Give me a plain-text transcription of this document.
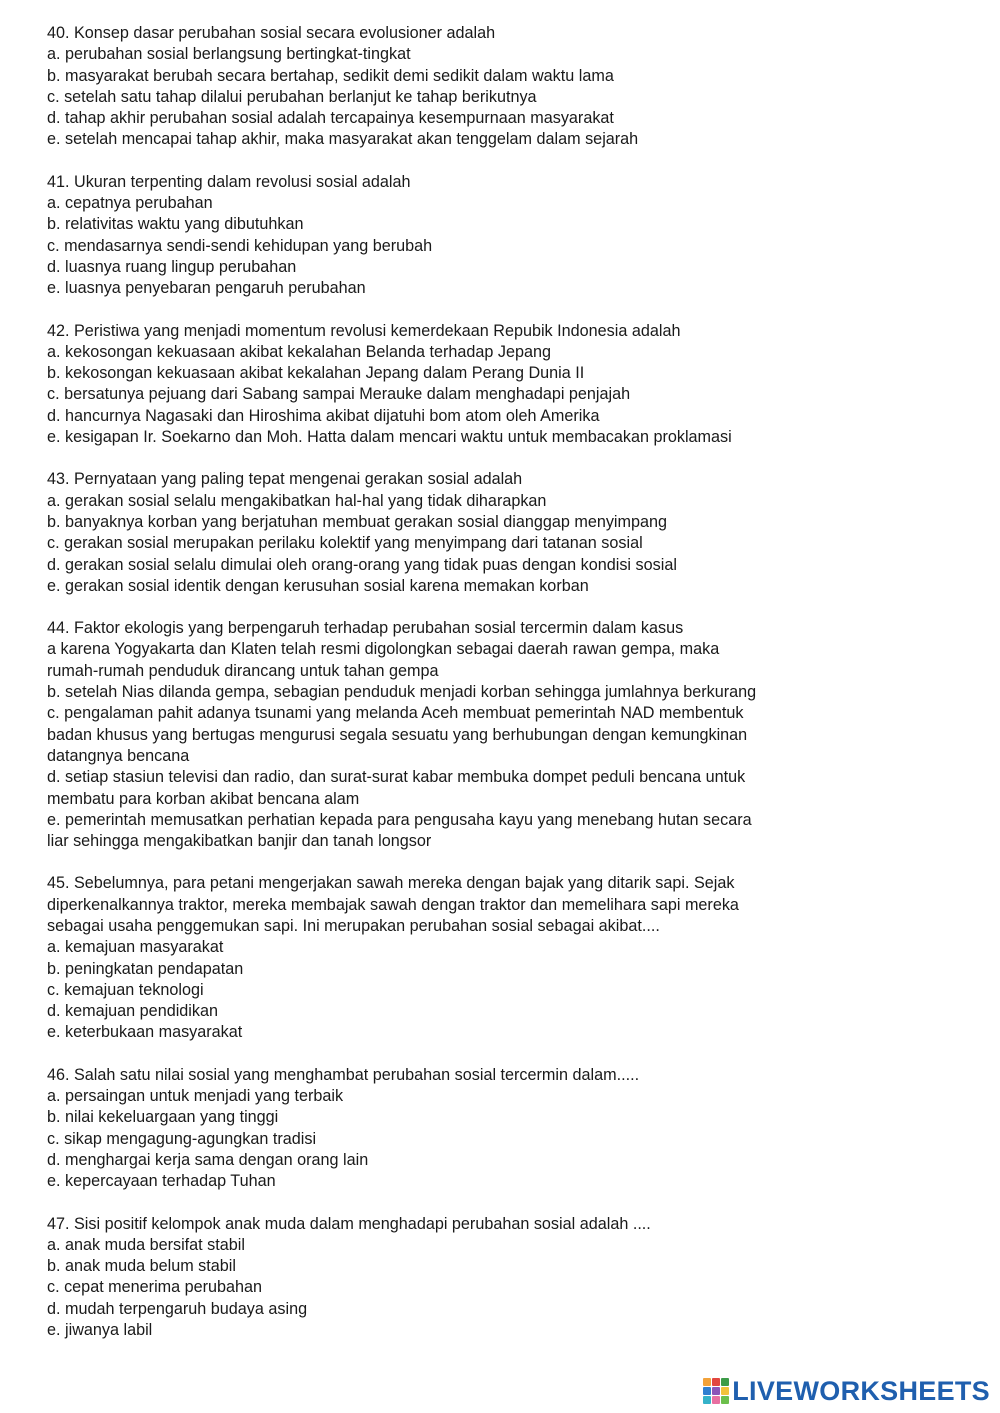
40. Konsep dasar perubahan sosial secara evolusioner adalah
a. perubahan sosial berlangsung bertingkat-tingkat
b. masyarakat berubah secara bertahap, sedikit demi sedikit dalam waktu lama
c. setelah satu tahap dilalui perubahan berlanjut ke tahap berikutnya
d. tahap akhir perubahan sosial adalah tercapainya kesempurnaan masyarakat
e. setelah mencapai tahap akhir, maka masyarakat akan tenggelam dalam sejarah
41. Ukuran terpenting dalam revolusi sosial adalah
a. cepatnya perubahan
b. relativitas waktu yang dibutuhkan
c. mendasarnya sendi-sendi kehidupan yang berubah
d. luasnya ruang lingup perubahan
e. luasnya penyebaran pengaruh perubahan
42. Peristiwa yang menjadi momentum revolusi kemerdekaan Repubik Indonesia adalah
a. kekosongan kekuasaan akibat kekalahan Belanda terhadap Jepang
b. kekosongan kekuasaan akibat kekalahan Jepang dalam Perang Dunia II
c. bersatunya pejuang dari Sabang sampai Merauke dalam menghadapi penjajah
d. hancurnya Nagasaki dan Hiroshima akibat dijatuhi bom atom oleh Amerika
e. kesigapan Ir. Soekarno dan Moh. Hatta dalam mencari waktu untuk membacakan proklamasi
43. Pernyataan yang paling tepat mengenai gerakan sosial adalah
a. gerakan sosial selalu mengakibatkan hal-hal yang tidak diharapkan
b. banyaknya korban yang berjatuhan membuat gerakan sosial dianggap menyimpang
c. gerakan sosial merupakan perilaku kolektif yang menyimpang dari tatanan sosial
d. gerakan sosial selalu dimulai oleh orang-orang yang tidak puas dengan kondisi sosial
e. gerakan sosial identik dengan kerusuhan sosial karena memakan korban
44. Faktor ekologis yang berpengaruh terhadap perubahan sosial tercermin dalam kasus
a karena Yogyakarta dan Klaten telah resmi digolongkan sebagai daerah rawan gempa, maka
rumah-rumah penduduk dirancang untuk tahan gempa
b. setelah Nias dilanda gempa, sebagian penduduk menjadi korban sehingga jumlahnya berkurang
c. pengalaman pahit adanya tsunami yang melanda Aceh membuat pemerintah NAD membentuk
badan khusus yang bertugas mengurusi segala sesuatu yang berhubungan dengan kemungkinan
datangnya bencana
d. setiap stasiun televisi dan radio, dan surat-surat kabar membuka dompet peduli bencana untuk
membatu para korban akibat bencana alam
e. pemerintah memusatkan perhatian kepada para pengusaha kayu yang menebang hutan secara
liar sehingga mengakibatkan banjir dan tanah longsor
45. Sebelumnya, para petani mengerjakan sawah mereka dengan bajak yang ditarik sapi. Sejak
diperkenalkannya traktor, mereka membajak sawah dengan traktor dan memelihara sapi mereka
sebagai usaha penggemukan sapi. Ini merupakan perubahan sosial sebagai akibat....
a. kemajuan masyarakat
b. peningkatan pendapatan
c. kemajuan teknologi
d. kemajuan pendidikan
e. keterbukaan masyarakat
46. Salah satu nilai sosial yang menghambat perubahan sosial tercermin dalam.....
a. persaingan untuk menjadi yang terbaik
b. nilai kekeluargaan yang tinggi
c. sikap mengagung-agungkan tradisi
d. menghargai kerja sama dengan orang lain
e. kepercayaan terhadap Tuhan
47. Sisi positif kelompok anak muda dalam menghadapi perubahan sosial adalah ....
a. anak muda bersifat stabil
b. anak muda belum stabil
c. cepat menerima perubahan
d. mudah terpengaruh budaya asing
e. jiwanya labil
LIVEWORKSHEETS
